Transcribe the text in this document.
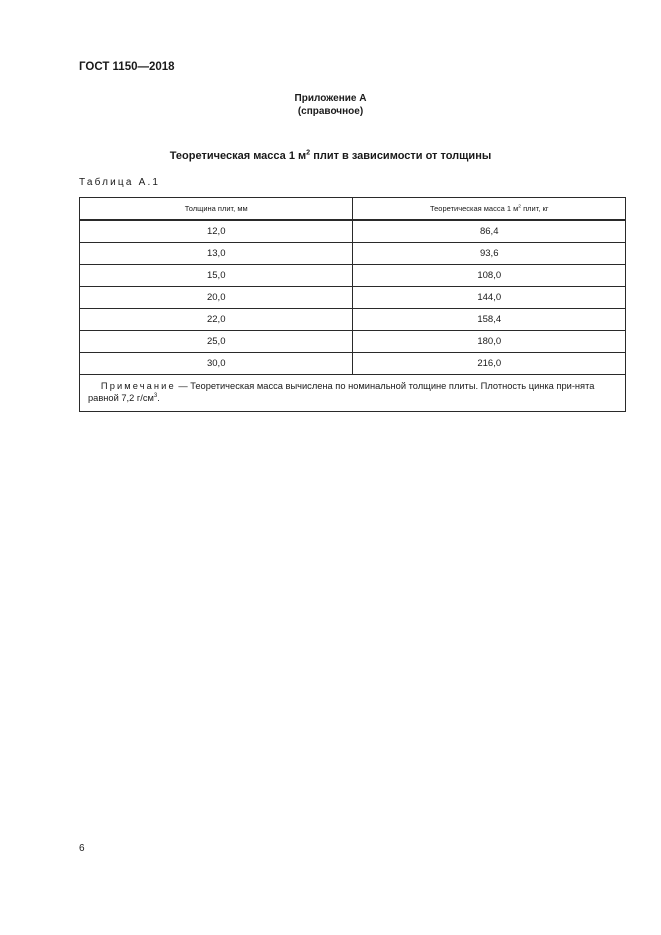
ГОСТ 1150—2018
Приложение А
(справочное)
Теоретическая масса 1 $м^2$ плит в зависимости от толщины
Таблица А.1
Толщина плит, мм	Теоретическая масса 1 $м^2$ плит, кг
12,0	86,4
13,0	93,6
15,0	108,0
20,0	144,0
22,0	158,4
25,0	180,0
30,0	216,0
Примечание — Теоретическая масса вычислена по номинальной толщине плиты. Плотность цинка при-нята равной 7,2 $г/см^3$.	
6
